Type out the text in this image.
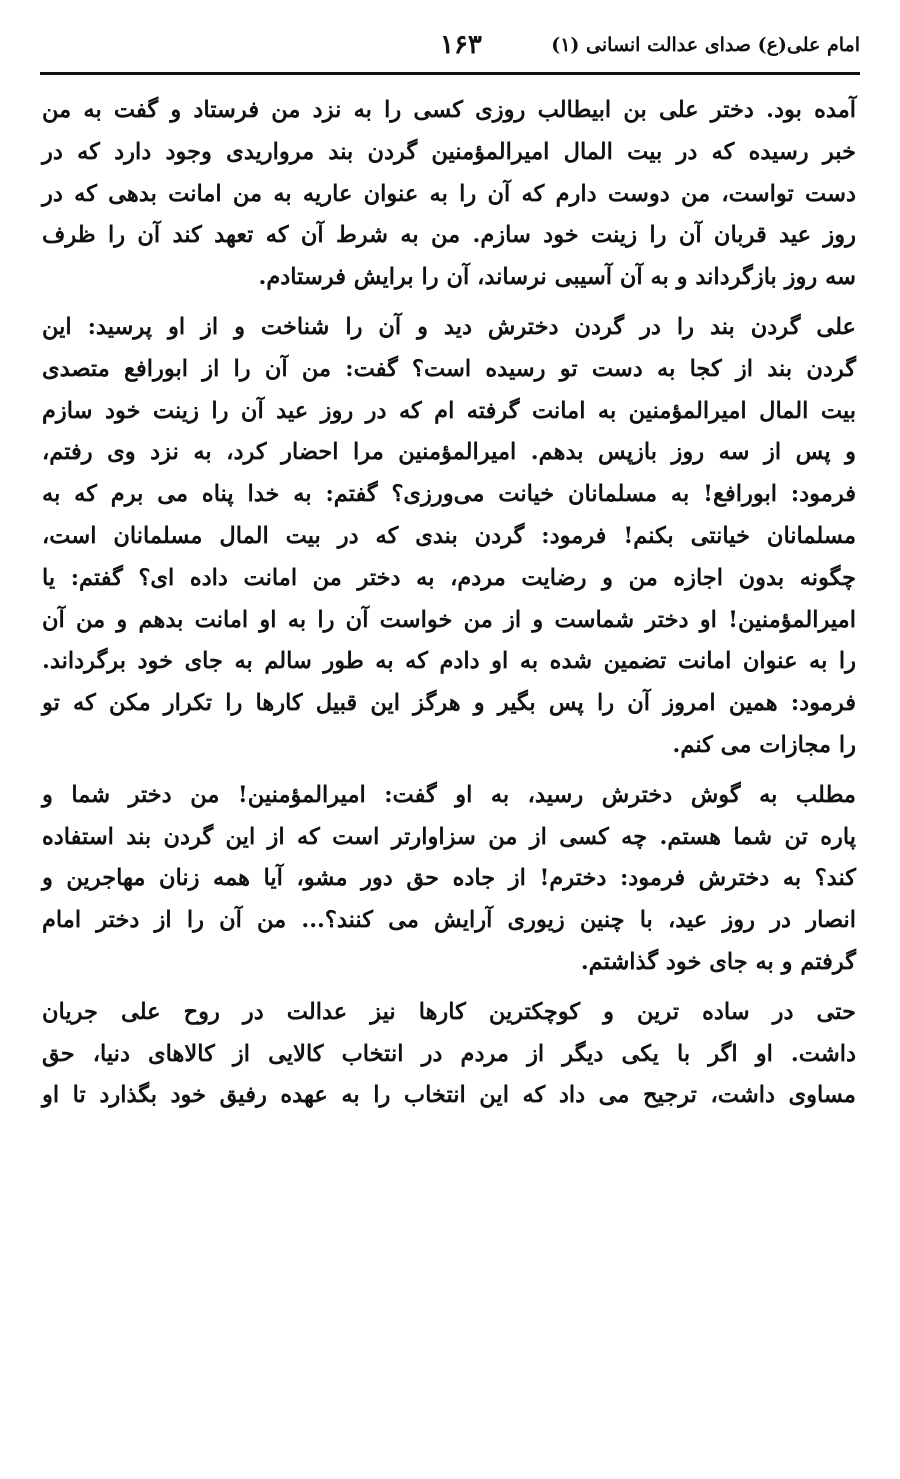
امام علی(ع) صدای عدالت انسانی (۱)
۱۶۳
آمده بود. دختر علی بن ابیطالب روزی کسی را به نزد من فرستاد و گفت به من
خبر رسیده که در بیت المال امیرالمؤمنین گردن بند مرواریدی وجود دارد که در
دست تواست، من دوست دارم که آن را به عنوان عاریه به من امانت بدهی که در
روز عید قربان آن را زینت خود سازم. من به شرط آن که تعهد کند آن را ظرف
سه روز بازگرداند و به آن آسیبی نرساند، آن را برایش فرستادم.
علی گردن بند را در گردن دخترش دید و آن را شناخت و از او پرسید: این
گردن بند از کجا به دست تو رسیده است؟ گفت: من آن را از ابورافع متصدی
بیت المال امیرالمؤمنین به امانت گرفته ام که در روز عید آن را زینت خود سازم
و پس از سه روز بازپس بدهم. امیرالمؤمنین مرا احضار کرد، به نزد وی رفتم،
فرمود: ابورافع! به مسلمانان خیانت می‌ورزی؟ گفتم: به خدا پناه می برم که به
مسلمانان خیانتی بکنم! فرمود: گردن بندی که در بیت المال مسلمانان است،
چگونه بدون اجازه من و رضایت مردم، به دختر من امانت داده ای؟ گفتم: یا
امیرالمؤمنین! او دختر شماست و از من خواست آن را به او امانت بدهم و من آن
را به عنوان امانت تضمین شده به او دادم که به طور سالم به جای خود برگرداند.
فرمود: همین امروز آن را پس بگیر و هرگز این قبیل کارها را تکرار مکن که تو
را مجازات می کنم.
مطلب به گوش دخترش رسید، به او گفت: امیرالمؤمنین! من دختر شما و
پاره تن شما هستم. چه کسی از من سزاوارتر است که از این گردن بند استفاده
کند؟ به دخترش فرمود: دخترم! از جاده حق دور مشو، آیا همه زنان مهاجرین و
انصار در روز عید، با چنین زیوری آرایش می کنند؟... من آن را از دختر امام
گرفتم و به جای خود گذاشتم.
حتی در ساده ترین و کوچکترین کارها نیز عدالت در روح علی جریان
داشت. او اگر با یکی دیگر از مردم در انتخاب کالایی از کالاهای دنیا، حق
مساوی داشت، ترجیح می داد که این انتخاب را به عهده رفیق خود بگذارد تا او
